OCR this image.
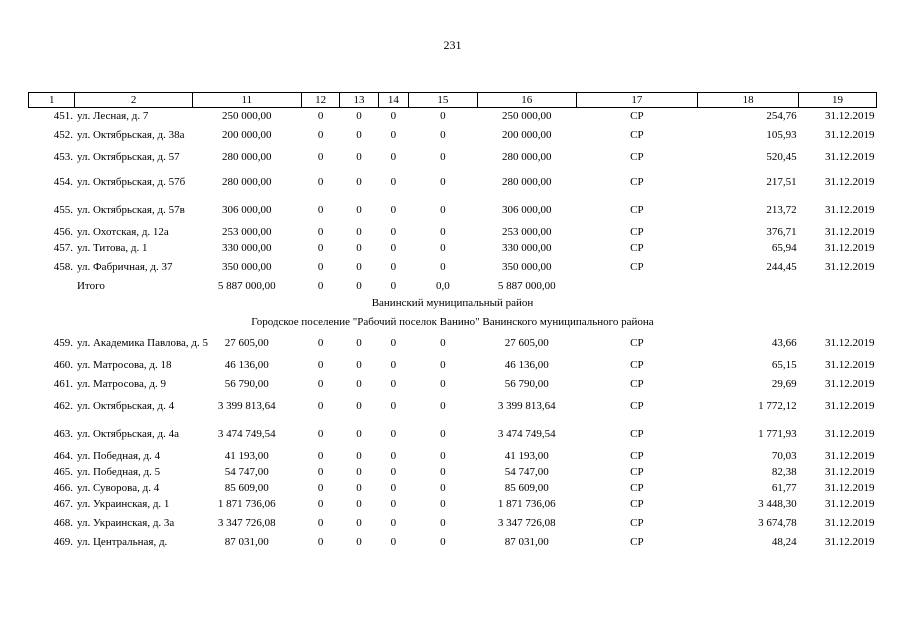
231
1	2	11	12	13	14	15	16	17	18	19
451.	ул. Лесная, д. 7	250 000,00	0	0	0	0	250 000,00	СР	254,76	31.12.2019
452.	ул. Октябрьская, д. 38а	200 000,00	0	0	0	0	200 000,00	СР	105,93	31.12.2019
453.	ул. Октябрьская, д. 57	280 000,00	0	0	0	0	280 000,00	СР	520,45	31.12.2019
454.	ул. Октябрьская, д. 57б	280 000,00	0	0	0	0	280 000,00	СР	217,51	31.12.2019
455.	ул. Октябрьская, д. 57в	306 000,00	0	0	0	0	306 000,00	СР	213,72	31.12.2019
456.	ул. Охотская, д. 12а	253 000,00	0	0	0	0	253 000,00	СР	376,71	31.12.2019
457.	ул. Титова, д. 1	330 000,00	0	0	0	0	330 000,00	СР	65,94	31.12.2019
458.	ул. Фабричная, д. 37	350 000,00	0	0	0	0	350 000,00	СР	244,45	31.12.2019
	Итого	5 887 000,00	0	0	0	0,0	5 887 000,00			
Ванинский муниципальный район										
Городское поселение "Рабочий поселок Ванино" Ванинского муниципального района										
459.	ул. Академика Павлова, д. 5	27 605,00	0	0	0	0	27 605,00	СР	43,66	31.12.2019
460.	ул. Матросова, д. 18	46 136,00	0	0	0	0	46 136,00	СР	65,15	31.12.2019
461.	ул. Матросова, д. 9	56 790,00	0	0	0	0	56 790,00	СР	29,69	31.12.2019
462.	ул. Октябрьская, д. 4	3 399 813,64	0	0	0	0	3 399 813,64	СР	1 772,12	31.12.2019
463.	ул. Октябрьская, д. 4а	3 474 749,54	0	0	0	0	3 474 749,54	СР	1 771,93	31.12.2019
464.	ул. Победная, д. 4	41 193,00	0	0	0	0	41 193,00	СР	70,03	31.12.2019
465.	ул. Победная, д. 5	54 747,00	0	0	0	0	54 747,00	СР	82,38	31.12.2019
466.	ул. Суворова, д. 4	85 609,00	0	0	0	0	85 609,00	СР	61,77	31.12.2019
467.	ул. Украинская, д. 1	1 871 736,06	0	0	0	0	1 871 736,06	СР	3 448,30	31.12.2019
468.	ул. Украинская, д. 3а	3 347 726,08	0	0	0	0	3 347 726,08	СР	3 674,78	31.12.2019
469.	ул. Центральная, д.	87 031,00	0	0	0	0	87 031,00	СР	48,24	31.12.2019
